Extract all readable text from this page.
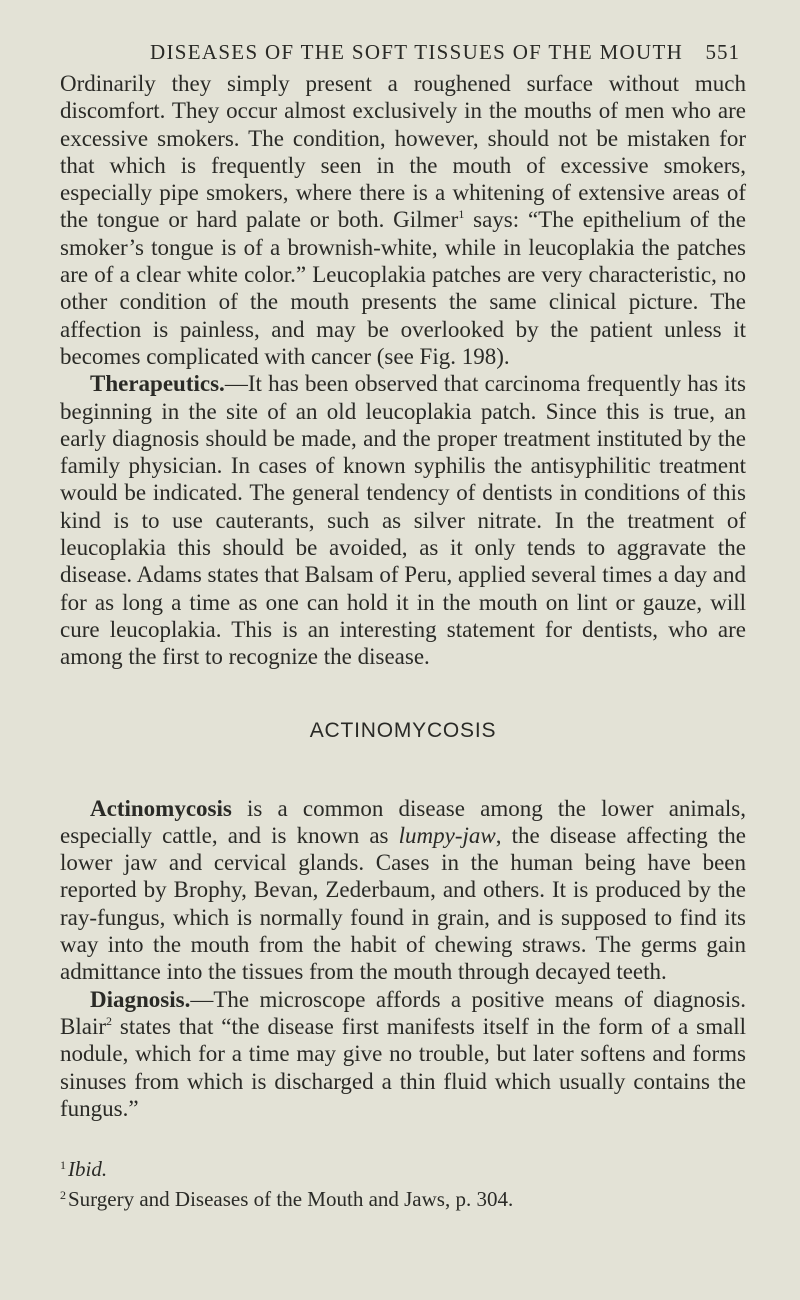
DISEASES OF THE SOFT TISSUES OF THE MOUTH 551

Ordinarily they simply present a roughened surface without much discomfort. They occur almost exclusively in the mouths of men who are excessive smokers. The condition, however, should not be mistaken for that which is frequently seen in the mouth of excessive smokers, especially pipe smokers, where there is a whitening of extensive areas of the tongue or hard palate or both. Gilmer$^1$ says: “The epithelium of the smoker’s tongue is of a brownish-white, while in leucoplakia the patches are of a clear white color.” Leucoplakia patches are very characteristic, no other condition of the mouth presents the same clinical picture. The affection is painless, and may be overlooked by the patient unless it becomes complicated with cancer (see Fig. 198).

Therapeutics.—It has been observed that carcinoma frequently has its beginning in the site of an old leucoplakia patch. Since this is true, an early diagnosis should be made, and the proper treatment instituted by the family physician. In cases of known syphilis the antisyphilitic treatment would be indicated. The general tendency of dentists in conditions of this kind is to use cauterants, such as silver nitrate. In the treatment of leucoplakia this should be avoided, as it only tends to aggravate the disease. Adams states that Balsam of Peru, applied several times a day and for as long a time as one can hold it in the mouth on lint or gauze, will cure leucoplakia. This is an interesting statement for dentists, who are among the first to recognize the disease.

ACTINOMYCOSIS

Actinomycosis is a common disease among the lower animals, especially cattle, and is known as lumpy-jaw, the disease affecting the lower jaw and cervical glands. Cases in the human being have been reported by Brophy, Bevan, Zederbaum, and others. It is produced by the ray-fungus, which is normally found in grain, and is supposed to find its way into the mouth from the habit of chewing straws. The germs gain admittance into the tissues from the mouth through decayed teeth.

Diagnosis.—The microscope affords a positive means of diagnosis. Blair$^2$ states that “the disease first manifests itself in the form of a small nodule, which for a time may give no trouble, but later softens and forms sinuses from which is discharged a thin fluid which usually contains the fungus.”

$^1$Ibid.
$^2$Surgery and Diseases of the Mouth and Jaws, p. 304.
